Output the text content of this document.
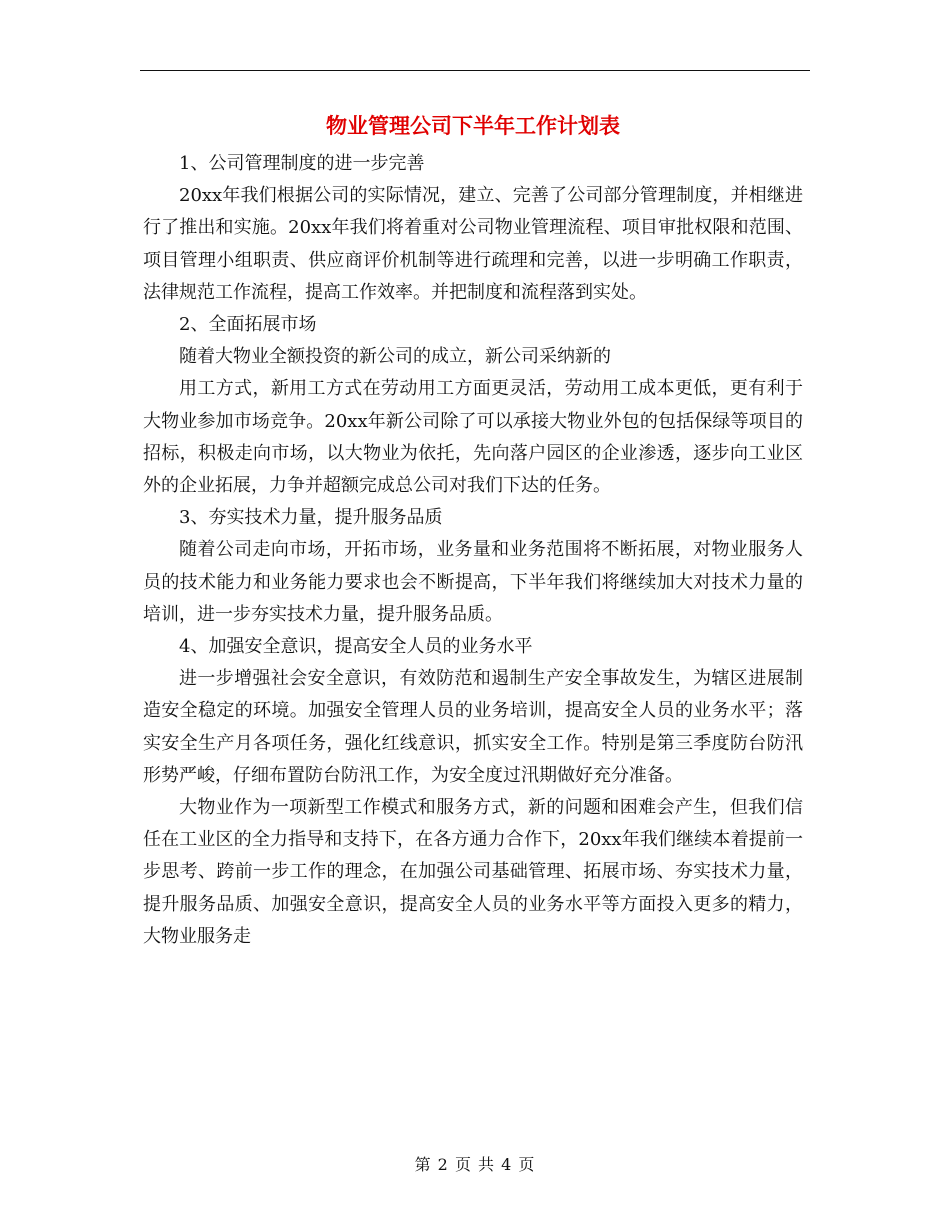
物业管理公司下半年工作计划表

1、公司管理制度的进一步完善

20xx年我们根据公司的实际情况，建立、完善了公司部分管理制度，并相继进行了推出和实施。20xx年我们将着重对公司物业管理流程、项目审批权限和范围、项目管理小组职责、供应商评价机制等进行疏理和完善，以进一步明确工作职责，法律规范工作流程，提高工作效率。并把制度和流程落到实处。

2、全面拓展市场

随着大物业全额投资的新公司的成立，新公司采纳新的

用工方式，新用工方式在劳动用工方面更灵活，劳动用工成本更低，更有利于大物业参加市场竞争。20xx年新公司除了可以承接大物业外包的包括保绿等项目的招标，积极走向市场，以大物业为依托，先向落户园区的企业渗透，逐步向工业区外的企业拓展，力争并超额完成总公司对我们下达的任务。

3、夯实技术力量，提升服务品质

随着公司走向市场，开拓市场，业务量和业务范围将不断拓展，对物业服务人员的技术能力和业务能力要求也会不断提高，下半年我们将继续加大对技术力量的培训，进一步夯实技术力量，提升服务品质。

4、加强安全意识，提高安全人员的业务水平

进一步增强社会安全意识，有效防范和遏制生产安全事故发生，为辖区进展制造安全稳定的环境。加强安全管理人员的业务培训，提高安全人员的业务水平；落实安全生产月各项任务，强化红线意识，抓实安全工作。特别是第三季度防台防汛形势严峻，仔细布置防台防汛工作，为安全度过汛期做好充分准备。

大物业作为一项新型工作模式和服务方式，新的问题和困难会产生，但我们信任在工业区的全力指导和支持下，在各方通力合作下，20xx年我们继续本着提前一步思考、跨前一步工作的理念，在加强公司基础管理、拓展市场、夯实技术力量，提升服务品质、加强安全意识，提高安全人员的业务水平等方面投入更多的精力，大物业服务走

第 2 页 共 4 页
